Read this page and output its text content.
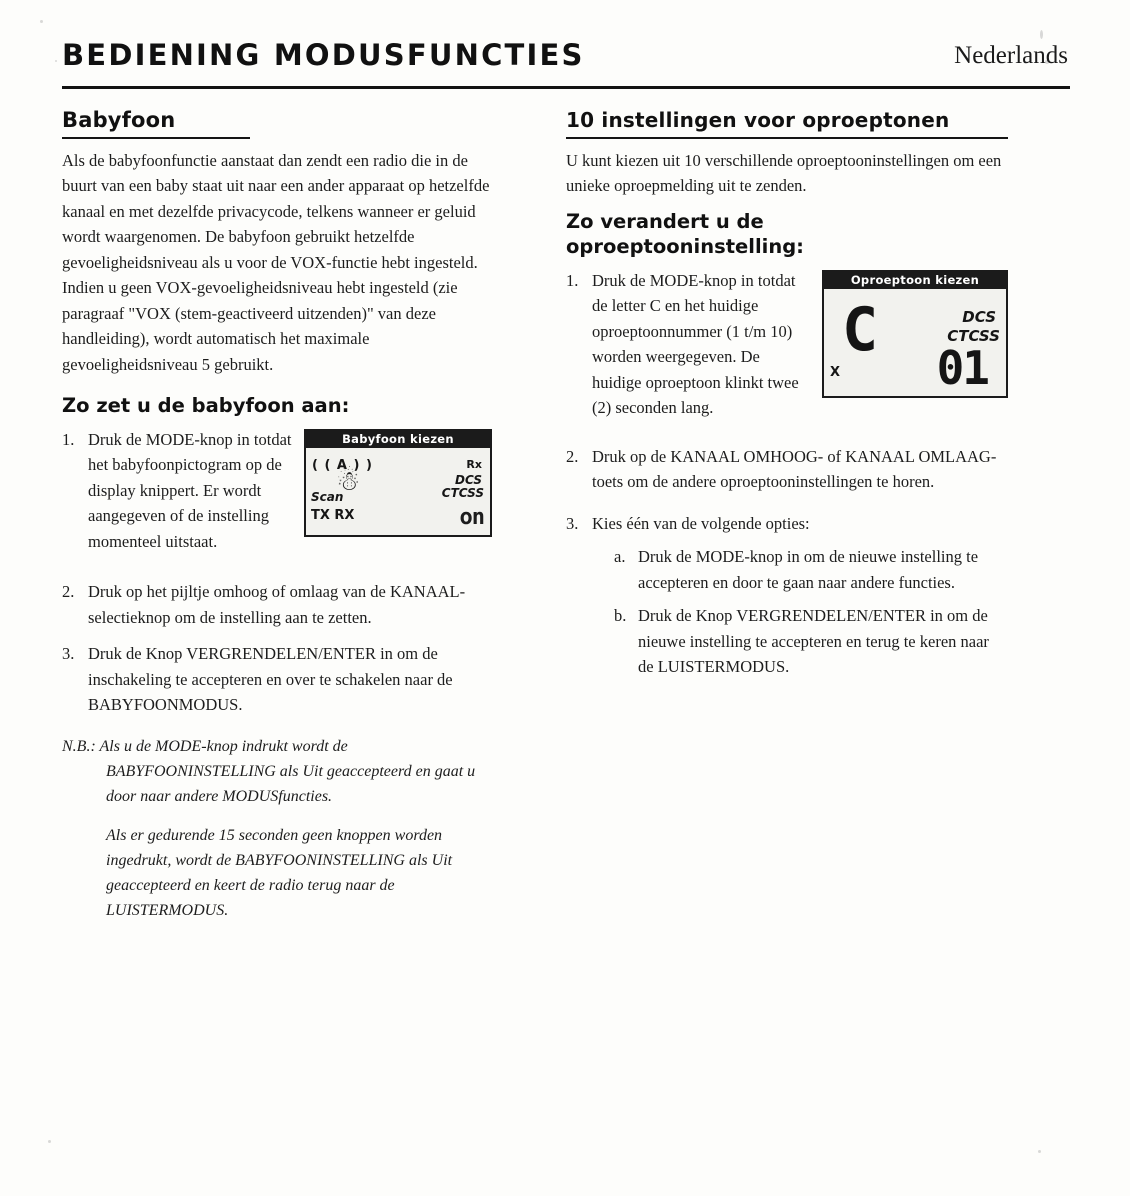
BEDIENING MODUSFUNCTIES	Nederlands
Babyfoon

Als de babyfoonfunctie aanstaat dan zendt een radio die in de buurt van een baby staat uit naar een ander apparaat op hetzelfde kanaal en met dezelfde privacycode, telkens wanneer er geluid wordt waargenomen. De babyfoon gebruikt hetzelfde gevoeligheidsniveau als u voor de VOX-functie hebt ingesteld. Indien u geen VOX-gevoeligheidsniveau hebt ingesteld (zie paragraaf "VOX (stem-geactiveerd uitzenden)" van deze handleiding), wordt automatisch het maximale gevoeligheidsniveau 5 gebruikt.

Zo zet u de babyfoon aan:
Babyfoon kiezen
( ( A ) )	Rx
DCS
CTCSS
☃
Scan
TX RX	on
1. Druk de MODE-knop in totdat het babyfoonpictogram op de display knippert. Er wordt aangegeven of de instelling momenteel uitstaat.
2. Druk op het pijltje omhoog of omlaag van de KANAAL-selectieknop om de instelling aan te zetten.
3. Druk de Knop VERGRENDELEN/ENTER in om de inschakeling te accepteren en over te schakelen naar de BABYFOONMODUS.
N.B.: Als u de MODE-knop indrukt wordt de BABYFOONINSTELLING als Uit geaccepteerd en gaat u door naar andere MODUSfuncties.
Als er gedurende 15 seconden geen knoppen worden ingedrukt, wordt de BABYFOONINSTELLING als Uit geaccepteerd en keert de radio terug naar de LUISTERMODUS.
10 instellingen voor oproeptonen

U kunt kiezen uit 10 verschillende oproeptooninstellingen om een unieke oproepmelding uit te zenden.

Zo verandert u de oproeptooninstelling:
Oproeptoon kiezen
C	DCS
CTCSS
01
X
1. Druk de MODE-knop in totdat de letter C en het huidige oproeptoonnummer (1 t/m 10) worden weergegeven. De huidige oproeptoon klinkt twee (2) seconden lang.
2. Druk op de KANAAL OMHOOG- of KANAAL OMLAAG-toets om de andere oproeptooninstellingen te horen.
3. Kies één van de volgende opties:
a. Druk de MODE-knop in om de nieuwe instelling te accepteren en door te gaan naar andere functies.
b. Druk de Knop VERGRENDELEN/ENTER in om de nieuwe instelling te accepteren en terug te keren naar de LUISTERMODUS.
